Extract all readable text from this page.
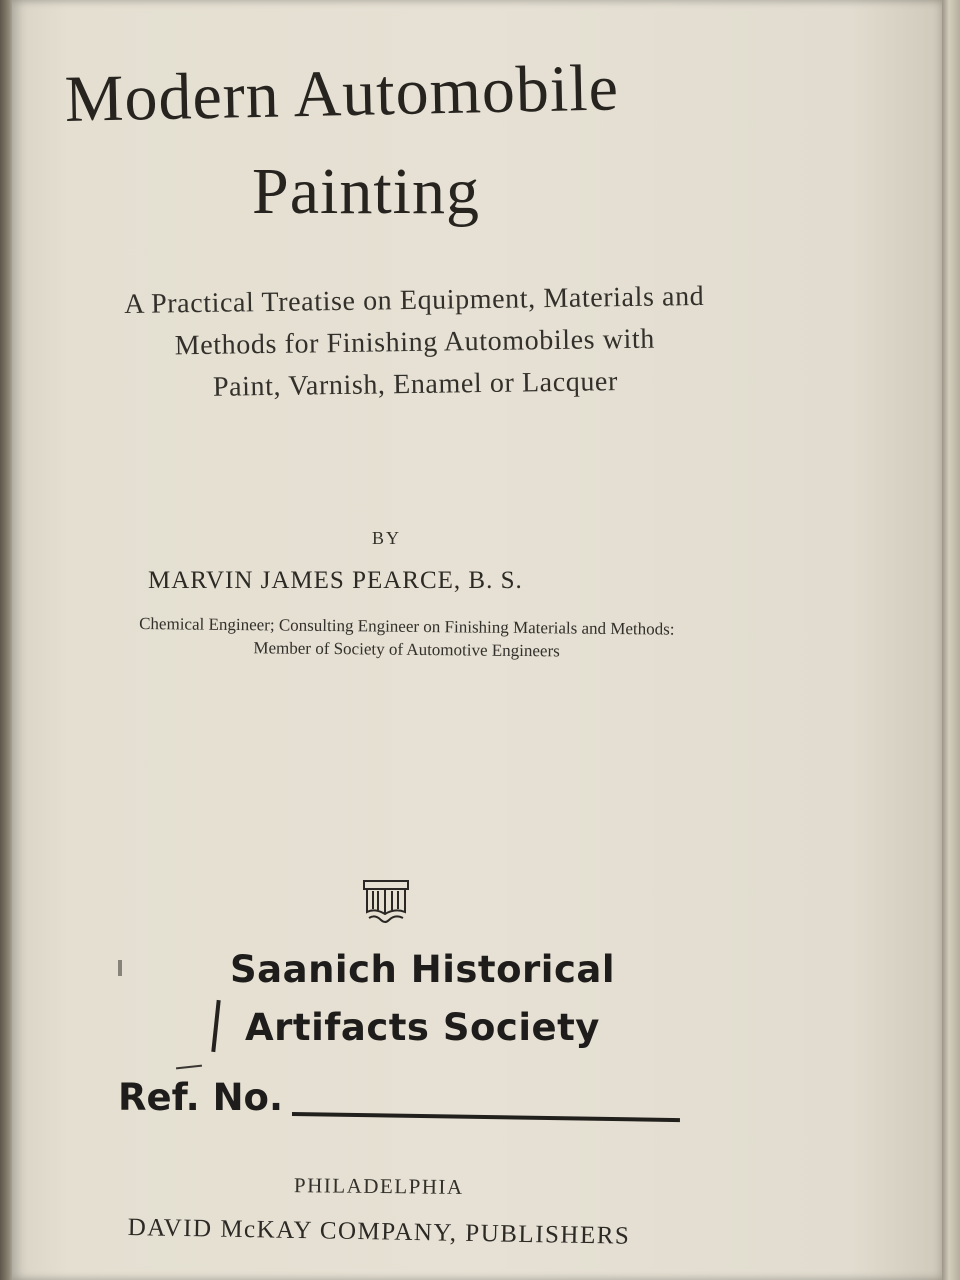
Modern Automobile
Painting
A Practical Treatise on Equipment, Materials and
Methods for Finishing Automobiles with
Paint, Varnish, Enamel or Lacquer
BY
MARVIN JAMES PEARCE, B. S.
Chemical Engineer; Consulting Engineer on Finishing Materials and Methods:
Member of Society of Automotive Engineers
Saanich Historical
Artifacts Society
Ref. No.
PHILADELPHIA
DAVID McKAY COMPANY, PUBLISHERS
